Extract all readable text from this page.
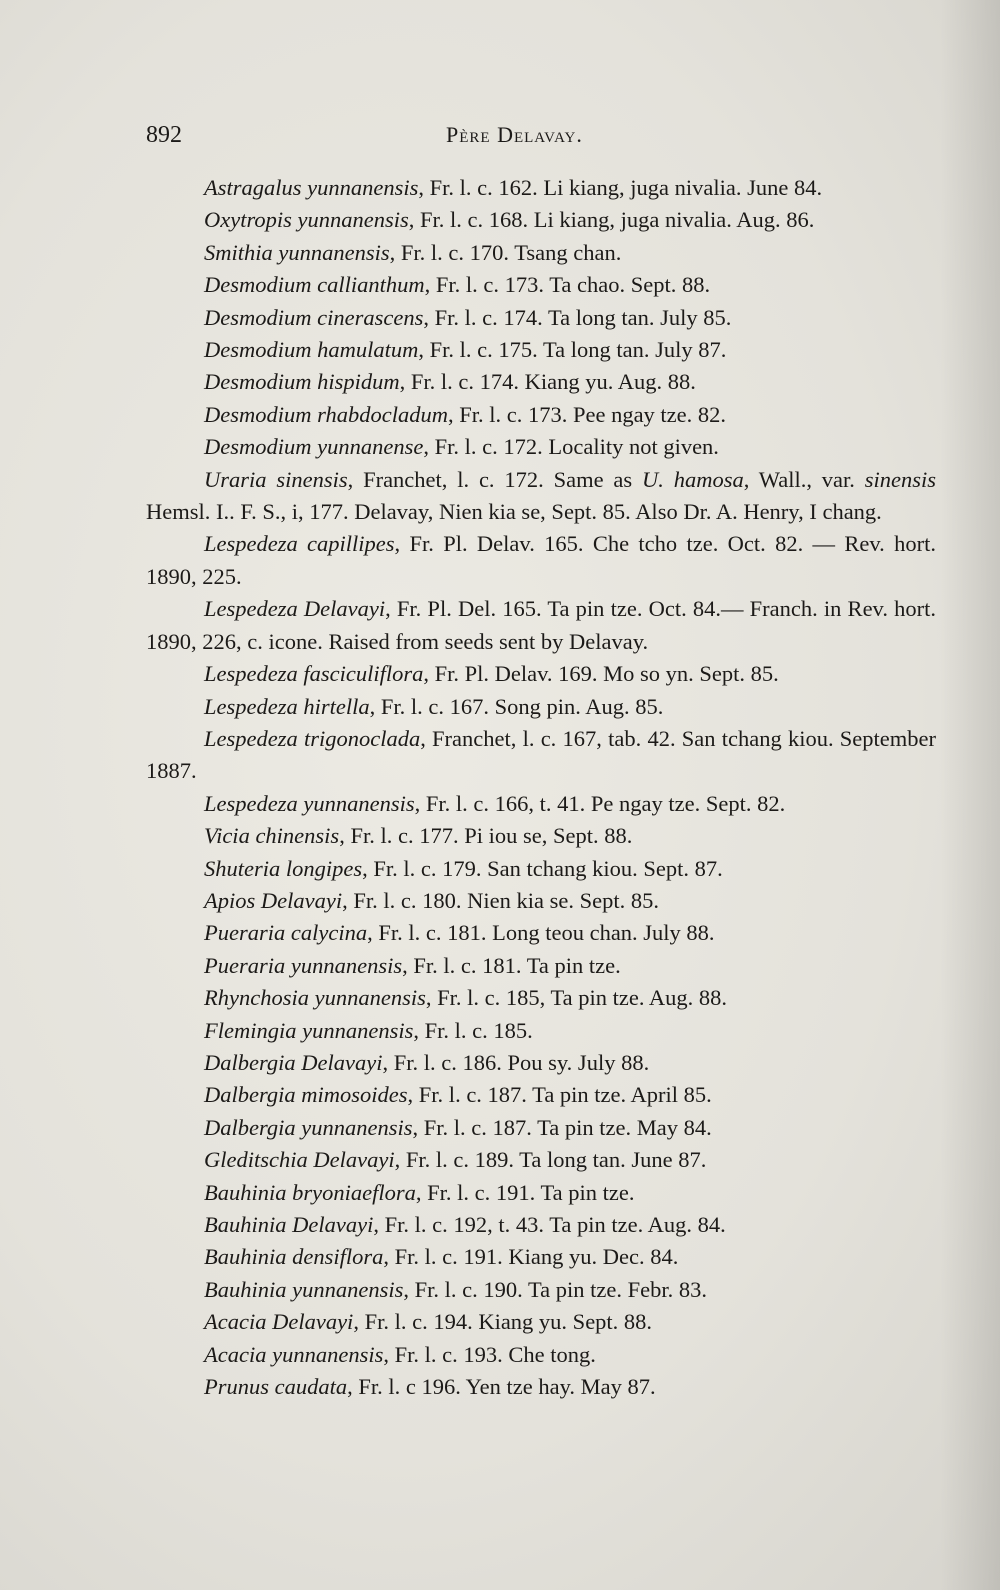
892	Père Delavay.
Astragalus yunnanensis, Fr. l. c. 162. Li kiang, juga nivalia. June 84.
Oxytropis yunnanensis, Fr. l. c. 168. Li kiang, juga nivalia. Aug. 86.
Smithia yunnanensis, Fr. l. c. 170. Tsang chan.
Desmodium callianthum, Fr. l. c. 173. Ta chao. Sept. 88.
Desmodium cinerascens, Fr. l. c. 174. Ta long tan. July 85.
Desmodium hamulatum, Fr. l. c. 175. Ta long tan. July 87.
Desmodium hispidum, Fr. l. c. 174. Kiang yu. Aug. 88.
Desmodium rhabdocladum, Fr. l. c. 173. Pee ngay tze. 82.
Desmodium yunnanense, Fr. l. c. 172. Locality not given.
Uraria sinensis, Franchet, l. c. 172. Same as U. hamosa, Wall., var. sinensis Hemsl. I.. F. S., i, 177. Delavay, Nien kia se, Sept. 85. Also Dr. A. Henry, I chang.
Lespedeza capillipes, Fr. Pl. Delav. 165. Che tcho tze. Oct. 82. — Rev. hort. 1890, 225.
Lespedeza Delavayi, Fr. Pl. Del. 165. Ta pin tze. Oct. 84.— Franch. in Rev. hort. 1890, 226, c. icone. Raised from seeds sent by Delavay.
Lespedeza fasciculiflora, Fr. Pl. Delav. 169. Mo so yn. Sept. 85.
Lespedeza hirtella, Fr. l. c. 167. Song pin. Aug. 85.
Lespedeza trigonoclada, Franchet, l. c. 167, tab. 42. San tchang kiou. September 1887.
Lespedeza yunnanensis, Fr. l. c. 166, t. 41. Pe ngay tze. Sept. 82.
Vicia chinensis, Fr. l. c. 177. Pi iou se, Sept. 88.
Shuteria longipes, Fr. l. c. 179. San tchang kiou. Sept. 87.
Apios Delavayi, Fr. l. c. 180. Nien kia se. Sept. 85.
Pueraria calycina, Fr. l. c. 181. Long teou chan. July 88.
Pueraria yunnanensis, Fr. l. c. 181. Ta pin tze.
Rhynchosia yunnanensis, Fr. l. c. 185, Ta pin tze. Aug. 88.
Flemingia yunnanensis, Fr. l. c. 185.
Dalbergia Delavayi, Fr. l. c. 186. Pou sy. July 88.
Dalbergia mimosoides, Fr. l. c. 187. Ta pin tze. April 85.
Dalbergia yunnanensis, Fr. l. c. 187. Ta pin tze. May 84.
Gleditschia Delavayi, Fr. l. c. 189. Ta long tan. June 87.
Bauhinia bryoniaeflora, Fr. l. c. 191. Ta pin tze.
Bauhinia Delavayi, Fr. l. c. 192, t. 43. Ta pin tze. Aug. 84.
Bauhinia densiflora, Fr. l. c. 191. Kiang yu. Dec. 84.
Bauhinia yunnanensis, Fr. l. c. 190. Ta pin tze. Febr. 83.
Acacia Delavayi, Fr. l. c. 194. Kiang yu. Sept. 88.
Acacia yunnanensis, Fr. l. c. 193. Che tong.
Prunus caudata, Fr. l. c 196. Yen tze hay. May 87.
